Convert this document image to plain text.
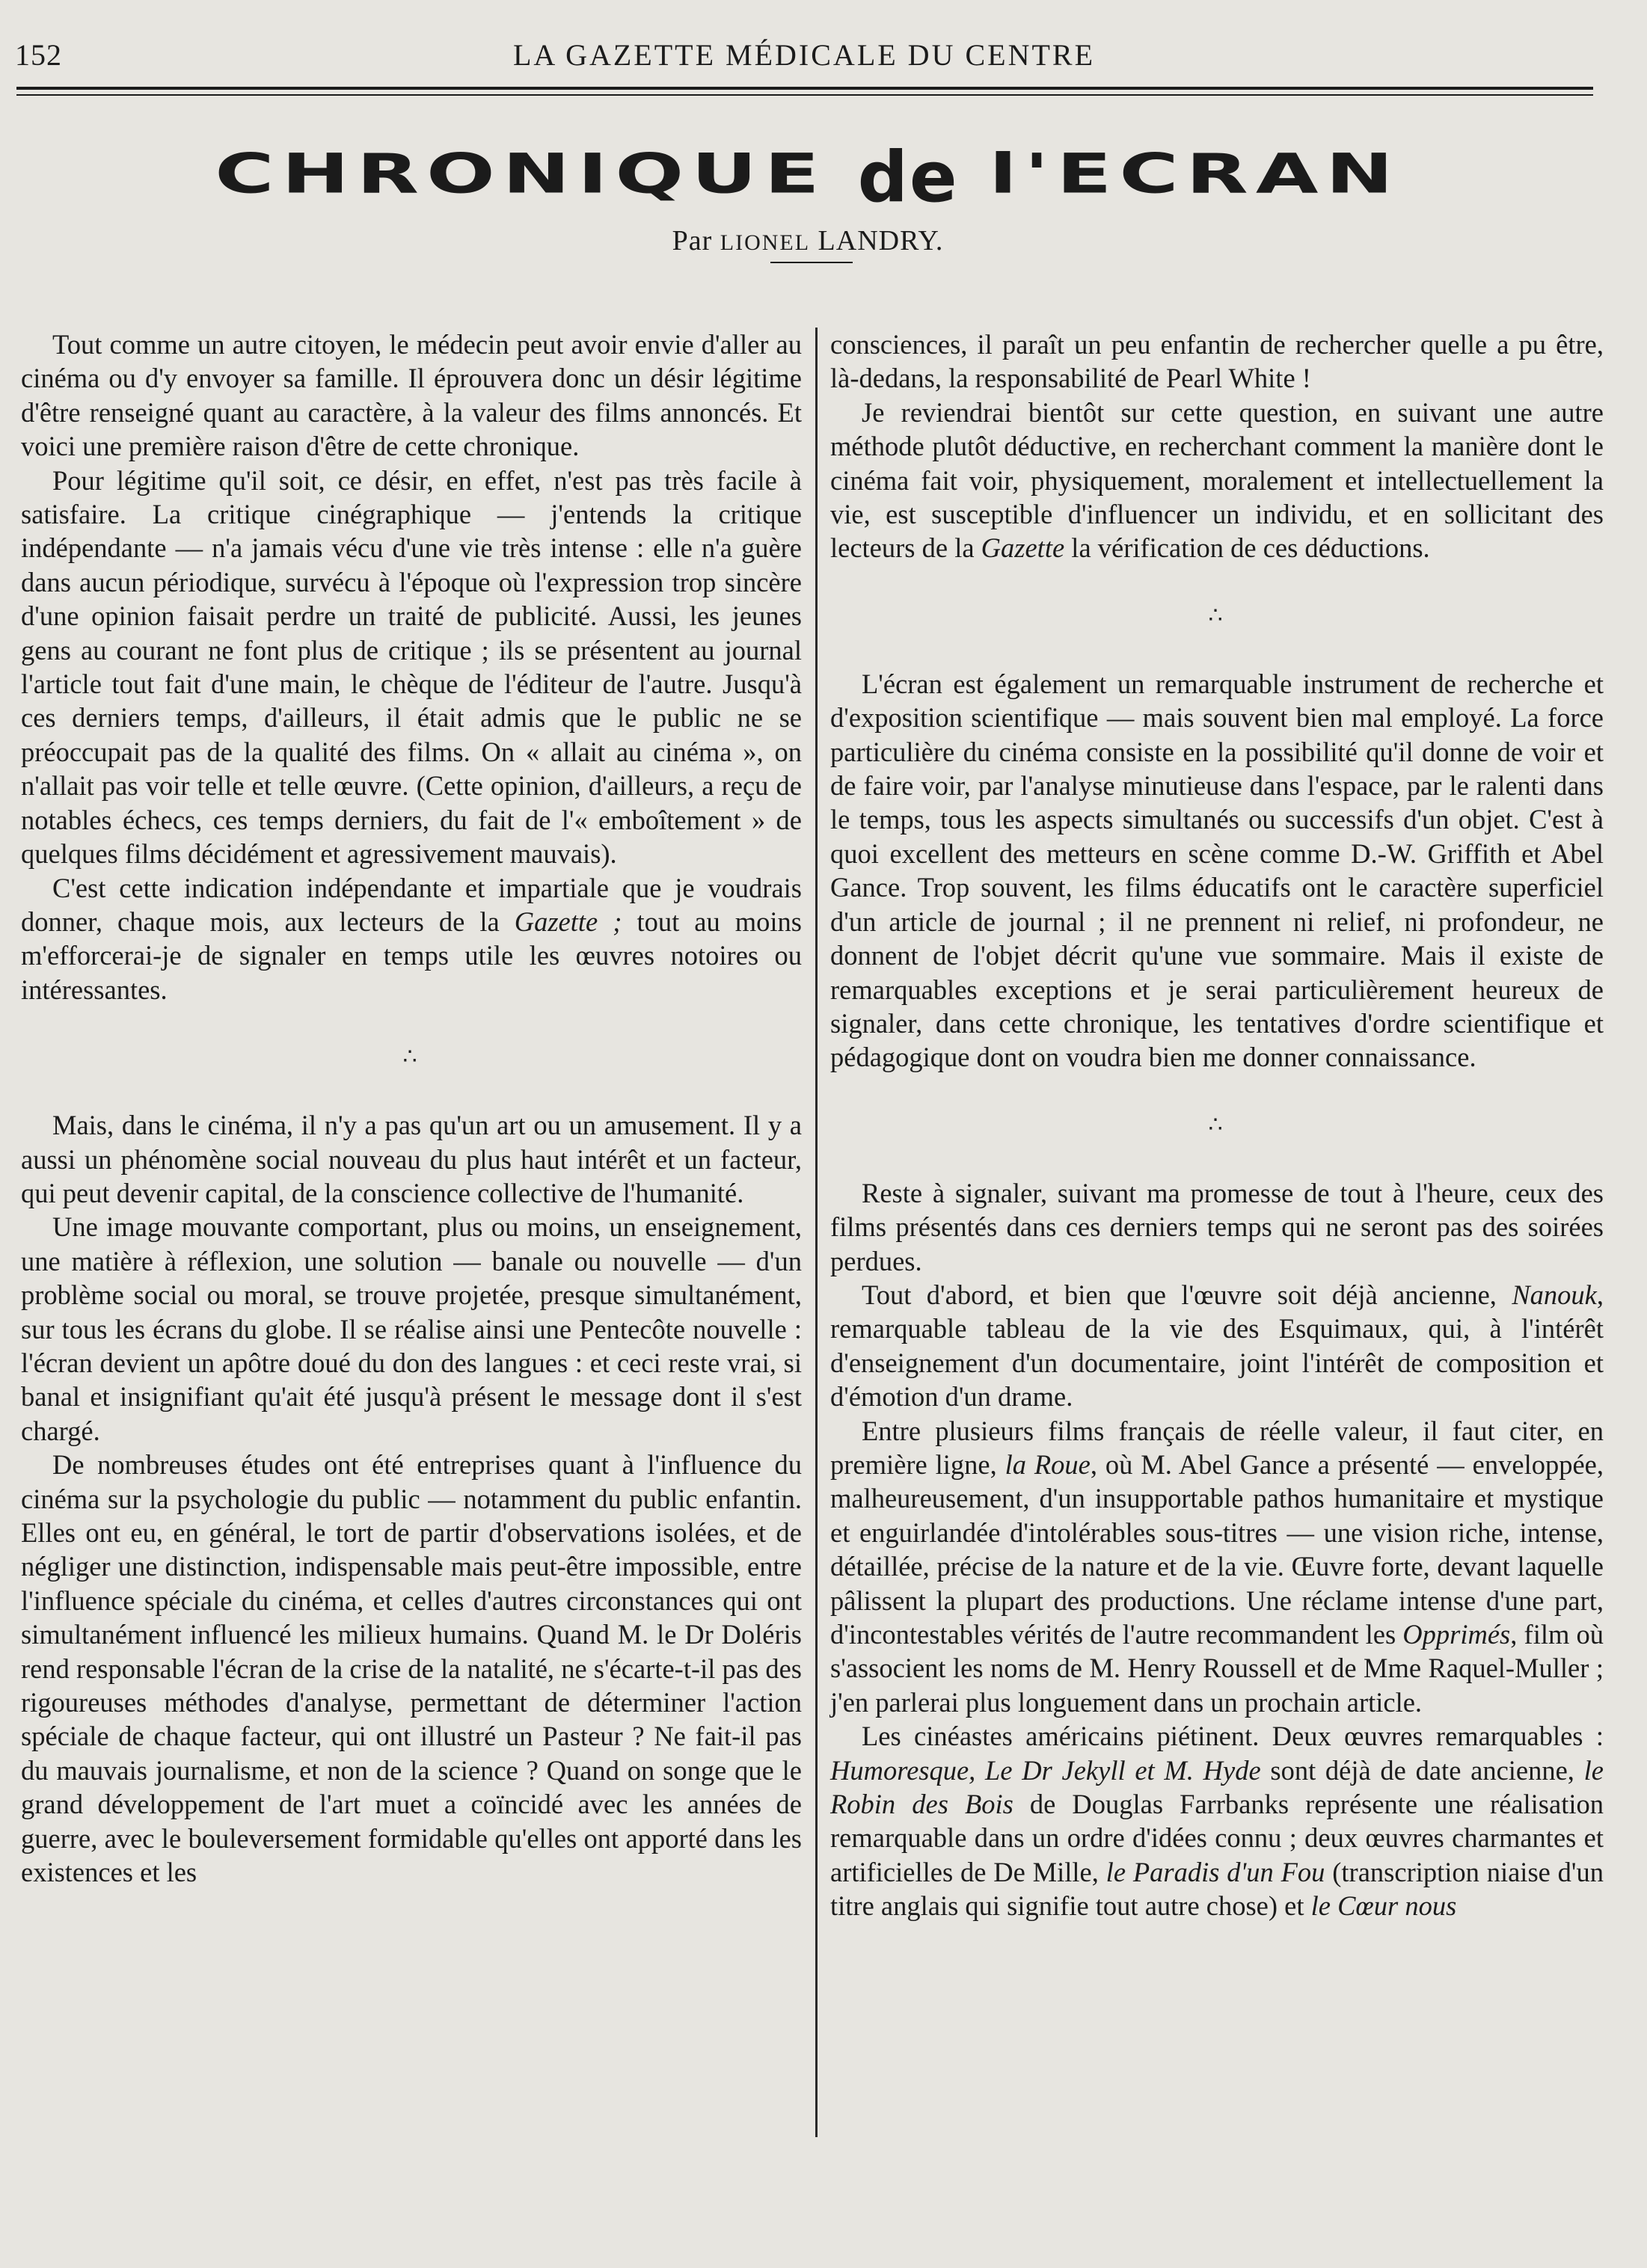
152	LA GAZETTE MÉDICALE DU CENTRE
CHRONIQUE de l'ECRAN
Par LIONEL LANDRY.

Tout comme un autre citoyen, le médecin peut avoir envie d'aller au cinéma ou d'y envoyer sa famille. Il éprouvera donc un désir légitime d'être renseigné quant au caractère, à la valeur des films annoncés. Et voici une première raison d'être de cette chronique.

Pour légitime qu'il soit, ce désir, en effet, n'est pas très facile à satisfaire. La critique cinégraphique — j'entends la critique indépendante — n'a jamais vécu d'une vie très intense : elle n'a guère dans aucun périodique, survécu à l'époque où l'expression trop sincère d'une opinion faisait perdre un traité de publicité. Aussi, les jeunes gens au courant ne font plus de critique ; ils se présentent au journal l'article tout fait d'une main, le chèque de l'éditeur de l'autre. Jusqu'à ces derniers temps, d'ailleurs, il était admis que le public ne se préoccupait pas de la qualité des films. On « allait au cinéma », on n'allait pas voir telle et telle œuvre. (Cette opinion, d'ailleurs, a reçu de notables échecs, ces temps derniers, du fait de l'« emboîtement » de quelques films décidément et agressivement mauvais).

C'est cette indication indépendante et impartiale que je voudrais donner, chaque mois, aux lecteurs de la Gazette ; tout au moins m'efforcerai-je de signaler en temps utile les œuvres notoires ou intéressantes.

∴

Mais, dans le cinéma, il n'y a pas qu'un art ou un amusement. Il y a aussi un phénomène social nouveau du plus haut intérêt et un facteur, qui peut devenir capital, de la conscience collective de l'humanité.

Une image mouvante comportant, plus ou moins, un enseignement, une matière à réflexion, une solution — banale ou nouvelle — d'un problème social ou moral, se trouve projetée, presque simultanément, sur tous les écrans du globe. Il se réalise ainsi une Pentecôte nouvelle : l'écran devient un apôtre doué du don des langues : et ceci reste vrai, si banal et insignifiant qu'ait été jusqu'à présent le message dont il s'est chargé.

De nombreuses études ont été entreprises quant à l'influence du cinéma sur la psychologie du public — notamment du public enfantin. Elles ont eu, en général, le tort de partir d'observations isolées, et de négliger une distinction, indispensable mais peut-être impossible, entre l'influence spéciale du cinéma, et celles d'autres circonstances qui ont simultanément influencé les milieux humains. Quand M. le Dr Doléris rend responsable l'écran de la crise de la natalité, ne s'écarte-t-il pas des rigoureuses méthodes d'analyse, permettant de déterminer l'action spéciale de chaque facteur, qui ont illustré un Pasteur ? Ne fait-il pas du mauvais journalisme, et non de la science ? Quand on songe que le grand développement de l'art muet a coïncidé avec les années de guerre, avec le bouleversement formidable qu'elles ont apporté dans les existences et les

consciences, il paraît un peu enfantin de rechercher quelle a pu être, là-dedans, la responsabilité de Pearl White !

Je reviendrai bientôt sur cette question, en suivant une autre méthode plutôt déductive, en recherchant comment la manière dont le cinéma fait voir, physiquement, moralement et intellectuellement la vie, est susceptible d'influencer un individu, et en sollicitant des lecteurs de la Gazette la vérification de ces déductions.

∴

L'écran est également un remarquable instrument de recherche et d'exposition scientifique — mais souvent bien mal employé. La force particulière du cinéma consiste en la possibilité qu'il donne de voir et de faire voir, par l'analyse minutieuse dans l'espace, par le ralenti dans le temps, tous les aspects simultanés ou successifs d'un objet. C'est à quoi excellent des metteurs en scène comme D.-W. Griffith et Abel Gance. Trop souvent, les films éducatifs ont le caractère superficiel d'un article de journal ; il ne prennent ni relief, ni profondeur, ne donnent de l'objet décrit qu'une vue sommaire. Mais il existe de remarquables exceptions et je serai particulièrement heureux de signaler, dans cette chronique, les tentatives d'ordre scientifique et pédagogique dont on voudra bien me donner connaissance.

∴

Reste à signaler, suivant ma promesse de tout à l'heure, ceux des films présentés dans ces derniers temps qui ne seront pas des soirées perdues.

Tout d'abord, et bien que l'œuvre soit déjà ancienne, Nanouk, remarquable tableau de la vie des Esquimaux, qui, à l'intérêt d'enseignement d'un documentaire, joint l'intérêt de composition et d'émotion d'un drame.

Entre plusieurs films français de réelle valeur, il faut citer, en première ligne, la Roue, où M. Abel Gance a présenté — enveloppée, malheureusement, d'un insupportable pathos humanitaire et mystique et enguirlandée d'intolérables sous-titres — une vision riche, intense, détaillée, précise de la nature et de la vie. Œuvre forte, devant laquelle pâlissent la plupart des productions. Une réclame intense d'une part, d'incontestables vérités de l'autre recommandent les Opprimés, film où s'associent les noms de M. Henry Roussell et de Mme Raquel-Muller ; j'en parlerai plus longuement dans un prochain article.

Les cinéastes américains piétinent. Deux œuvres remarquables : Humoresque, Le Dr Jekyll et M. Hyde sont déjà de date ancienne, le Robin des Bois de Douglas Farrbanks représente une réalisation remarquable dans un ordre d'idées connu ; deux œuvres charmantes et artificielles de De Mille, le Paradis d'un Fou (transcription niaise d'un titre anglais qui signifie tout autre chose) et le Cœur nous
